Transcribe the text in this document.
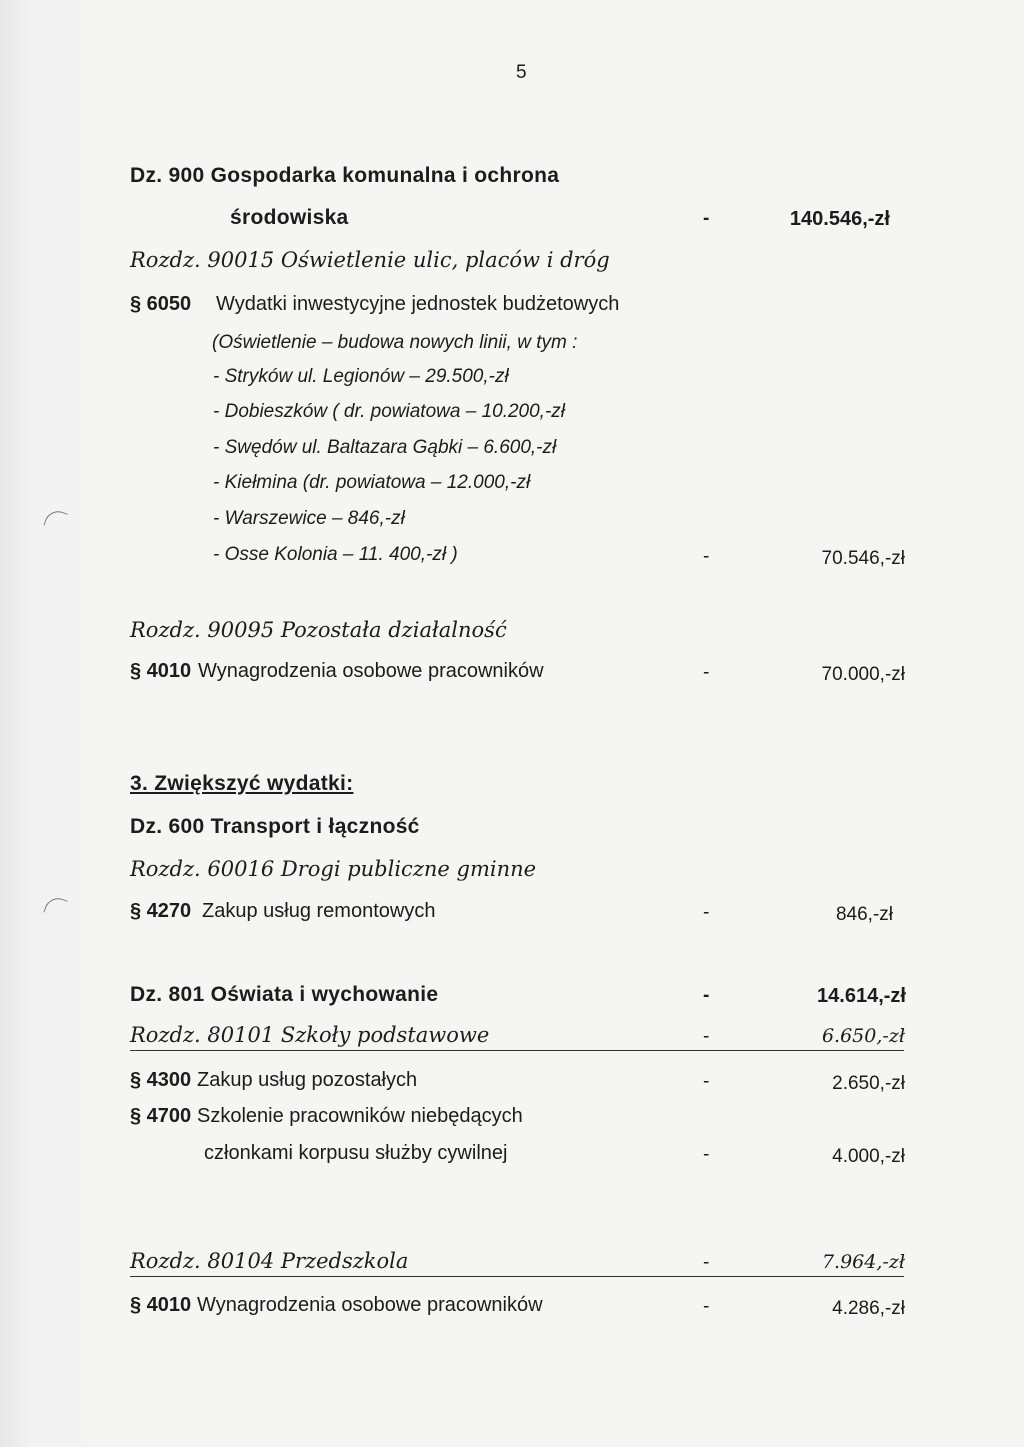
5
Dz. 900 Gospodarka komunalna i ochrona
środowiska	-	140.546,-zł
Rozdz. 90015 Oświetlenie ulic, placów i dróg
§ 6050 Wydatki inwestycyjne jednostek budżetowych
(Oświetlenie – budowa nowych linii, w tym :
- Stryków ul. Legionów – 29.500,-zł
- Dobieszków ( dr. powiatowa – 10.200,-zł
- Swędów ul. Baltazara Gąbki – 6.600,-zł
- Kiełmina (dr. powiatowa – 12.000,-zł
- Warszewice – 846,-zł
- Osse Kolonia – 11. 400,-zł )	-	70.546,-zł
Rozdz. 90095 Pozostała działalność
§ 4010 Wynagrodzenia osobowe pracowników	-	70.000,-zł
3. Zwiększyć wydatki:
Dz. 600 Transport i łączność
Rozdz. 60016 Drogi publiczne gminne
§ 4270 Zakup usług remontowych	-	846,-zł
Dz. 801 Oświata i wychowanie	-	14.614,-zł
Rozdz. 80101 Szkoły podstawowe	-	6.650,-zł
§ 4300 Zakup usług pozostałych	-	2.650,-zł
§ 4700 Szkolenie pracowników niebędących
członkami korpusu służby cywilnej	-	4.000,-zł
Rozdz. 80104 Przedszkola	-	7.964,-zł
§ 4010 Wynagrodzenia osobowe pracowników	-	4.286,-zł
